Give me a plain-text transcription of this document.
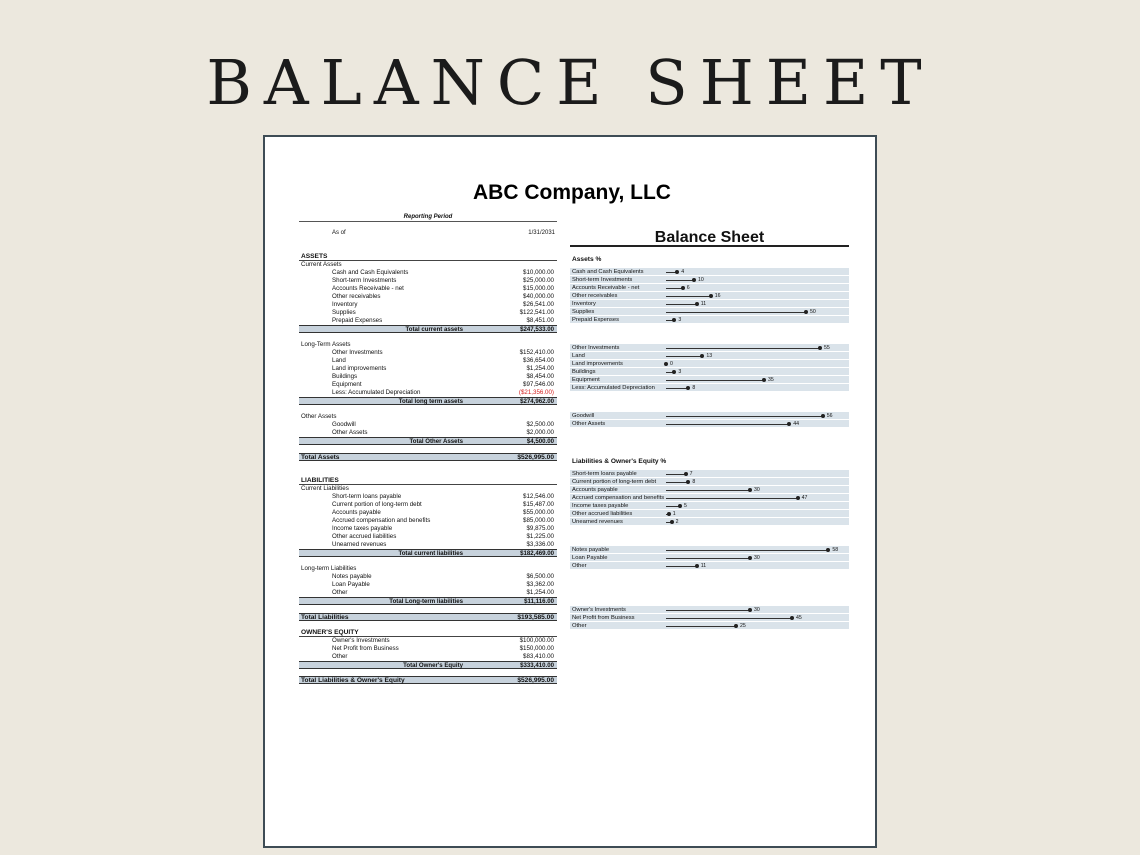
BALANCE SHEET
ABC Company, LLC
Reporting Period
As of	1/31/2031
ASSETS
Current Assets
Cash and Cash Equivalents	$10,000.00
Short-term Investments	$25,000.00
Accounts Receivable - net	$15,000.00
Other receivables	$40,000.00
Inventory	$26,541.00
Supplies	$122,541.00
Prepaid Expenses	$8,451.00
Total current assets	$247,533.00
Long-Term Assets
Other Investments	$152,410.00
Land	$36,654.00
Land improvements	$1,254.00
Buildings	$8,454.00
Equipment	$97,546.00
Less: Accumulated Depreciation	($21,356.00)
Total long term assets	$274,962.00
Other Assets
Goodwill	$2,500.00
Other Assets	$2,000.00
Total Other Assets	$4,500.00
Total Assets	$526,995.00
LIABILITIES
Current Liabilities
Short-term loans payable	$12,546.00
Current portion of long-term debt	$15,487.00
Accounts payable	$55,000.00
Accrued compensation and benefits	$85,000.00
Income taxes payable	$9,875.00
Other accrued liabilities	$1,225.00
Unearned revenues	$3,336.00
Total current liabilities	$182,469.00
Long-term Liabilities
Notes payable	$6,500.00
Loan Payable	$3,362.00
Other	$1,254.00
Total Long-term liabilities	$11,116.00
Total Liabilities	$193,585.00
OWNER'S EQUITY
Owner's Investments	$100,000.00
Net Profit from Business	$150,000.00
Other	$83,410.00
Total Owner's Equity	$333,410.00
Total Liabilities & Owner's Equity	$526,995.00
Balance Sheet
Assets %
Cash and Cash Equivalents	4
Short-term Investments	10
Accounts Receivable - net	6
Other receivables	16
Inventory	11
Supplies	50
Prepaid Expenses	3
Other Investments	55
Land	13
Land improvements	0
Buildings	3
Equipment	35
Less: Accumulated Depreciation	8
Goodwill	56
Other Assets	44
Liabilities & Owner's Equity %
Short-term loans payable	7
Current portion of long-term debt	8
Accounts payable	30
Accrued compensation and benefits	47
Income taxes payable	5
Other accrued liabilities	1
Unearned revenues	2
Notes payable	58
Loan Payable	30
Other	11
Owner's Investments	30
Net Profit from Business	45
Other	25
